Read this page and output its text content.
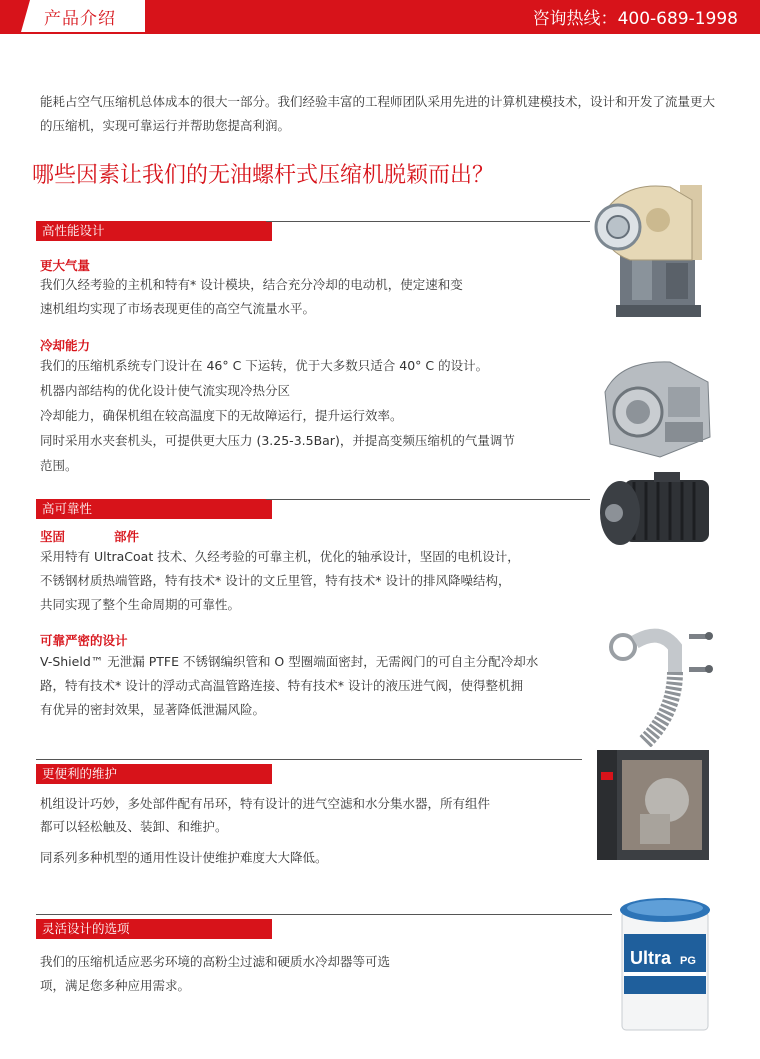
产品介绍	咨询热线：400-689-1998
能耗占空气压缩机总体成本的很大一部分。我们经验丰富的工程师团队采用先进的计算机建模技术，设计和开发了流量更大的压缩机，实现可靠运行并帮助您提高利润。
哪些因素让我们的无油螺杆式压缩机脱颖而出？
高性能设计
更大气量
我们久经考验的主机和特有* 设计模块，结合充分冷却的电动机，使定速和变
速机组均实现了市场表现更佳的高空气流量水平。
冷却能力
我们的压缩机系统专门设计在 46° C 下运转，优于大多数只适合 40° C 的设计。
机器内部结构的优化设计使气流实现冷热分区
冷却能力，确保机组在较高温度下的无故障运行，提升运行效率。
同时采用水夹套机头，可提供更大压力 (3.25-3.5Bar)，并提高变频压缩机的气量调节
范围。
高可靠性
坚固	部件
采用特有 UltraCoat 技术、久经考验的可靠主机，优化的轴承设计，坚固的电机设计，
不锈钢材质热端管路，特有技术* 设计的文丘里管，特有技术* 设计的排风降噪结构，
共同实现了整个生命周期的可靠性。
可靠严密的设计
V-Shield™ 无泄漏 PTFE 不锈钢编织管和 O 型圈端面密封，无需阀门的可自主分配冷却水
路，特有技术* 设计的浮动式高温管路连接、特有技术* 设计的液压进气阀，使得整机拥
有优异的密封效果，显著降低泄漏风险。
更便利的维护
机组设计巧妙，多处部件配有吊环，特有设计的进气空滤和水分集水器，所有组件
都可以轻松触及、装卸、和维护。
同系列多种机型的通用性设计使维护难度大大降低。
灵活设计的选项
我们的压缩机适应恶劣环境的高粉尘过滤和硬质水冷却器等可选
项，满足您多种应用需求。
Ultra PG
